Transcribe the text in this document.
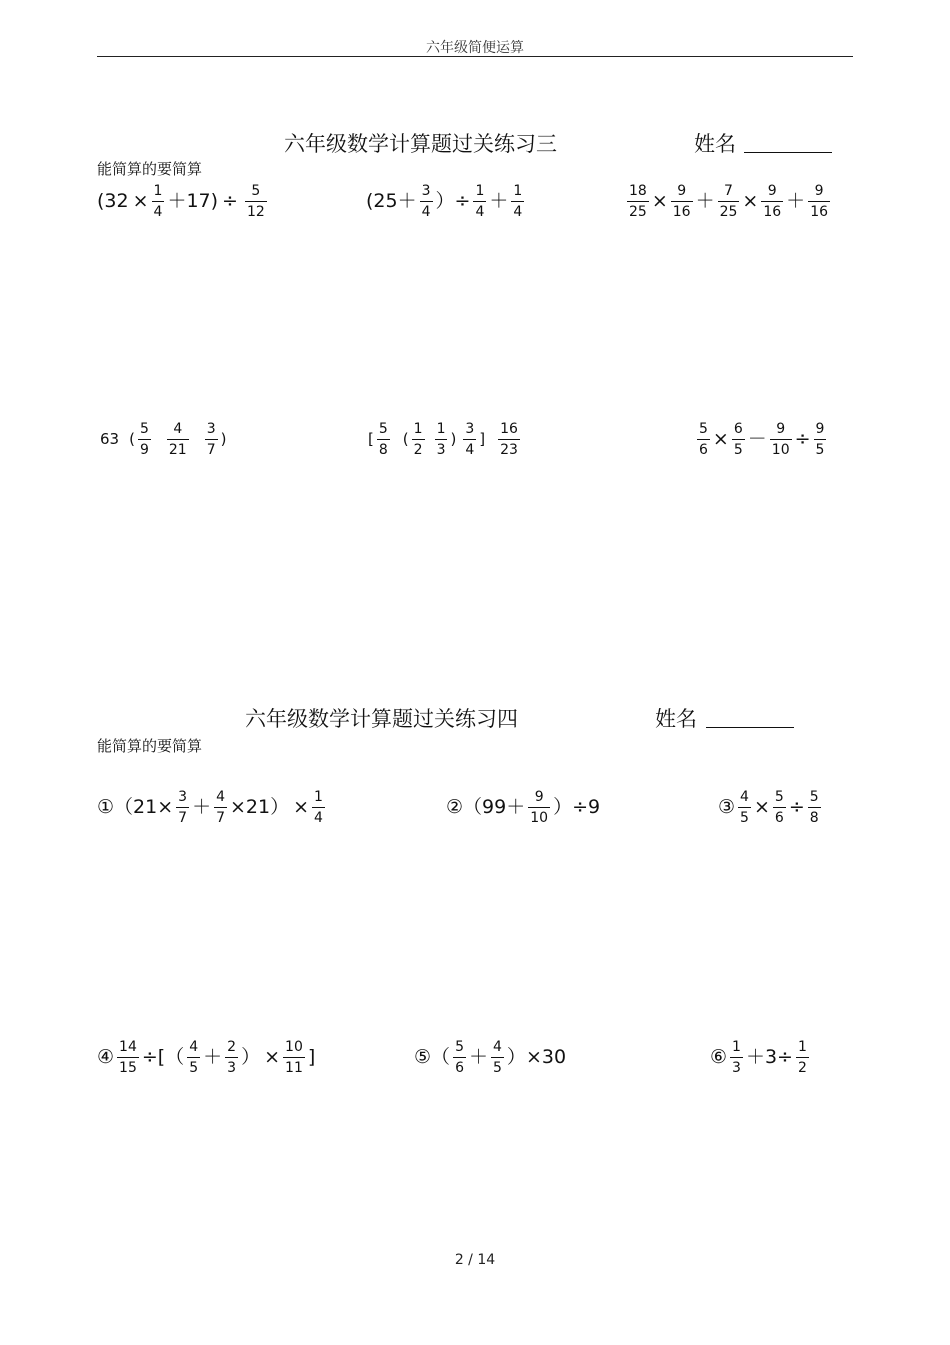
六年级简便运算
六年级数学计算题过关练习三	姓名
能简算的要简算
$(32 \times \frac{1}{4} +17) \div \frac{5}{12}$	($25+ \frac{3}{4}$ ） ÷ $\frac{1}{4} + \frac{1}{4}$	$\frac{18}{25} \times \frac{9}{16} + \frac{7}{25} \times \frac{9}{16} + \frac{9}{16}$
63 ( $\frac{5}{9} \frac{4}{21} \frac{3}{7}$ )	[ $\frac{5}{8}$ ( $\frac{1}{2} \frac{1}{3}$ ) $\frac{3}{4}$ ] $\frac{16}{23}$	$\frac{5}{6} \times \frac{6}{5} - \frac{9}{10} \div \frac{9}{5}$
六年级数学计算题过关练习四	姓名
能简算的要简算
① $(21\times \frac{3}{7} + \frac{4}{7} \times 21) \times \frac{1}{4}$	② （$99+ \frac{9}{10}$ ） ÷9	③ $\frac{4}{5} \times \frac{5}{6} \div \frac{5}{8}$
④ $\frac{14}{15}$ ÷[ （ $\frac{4}{5} + \frac{2}{3}$ ） × $\frac{10}{11}$ ]	⑤ （ $\frac{5}{6} + \frac{4}{5}$ ） ×30	⑥ $\frac{1}{3} +3\div \frac{1}{2}$
2 / 14
